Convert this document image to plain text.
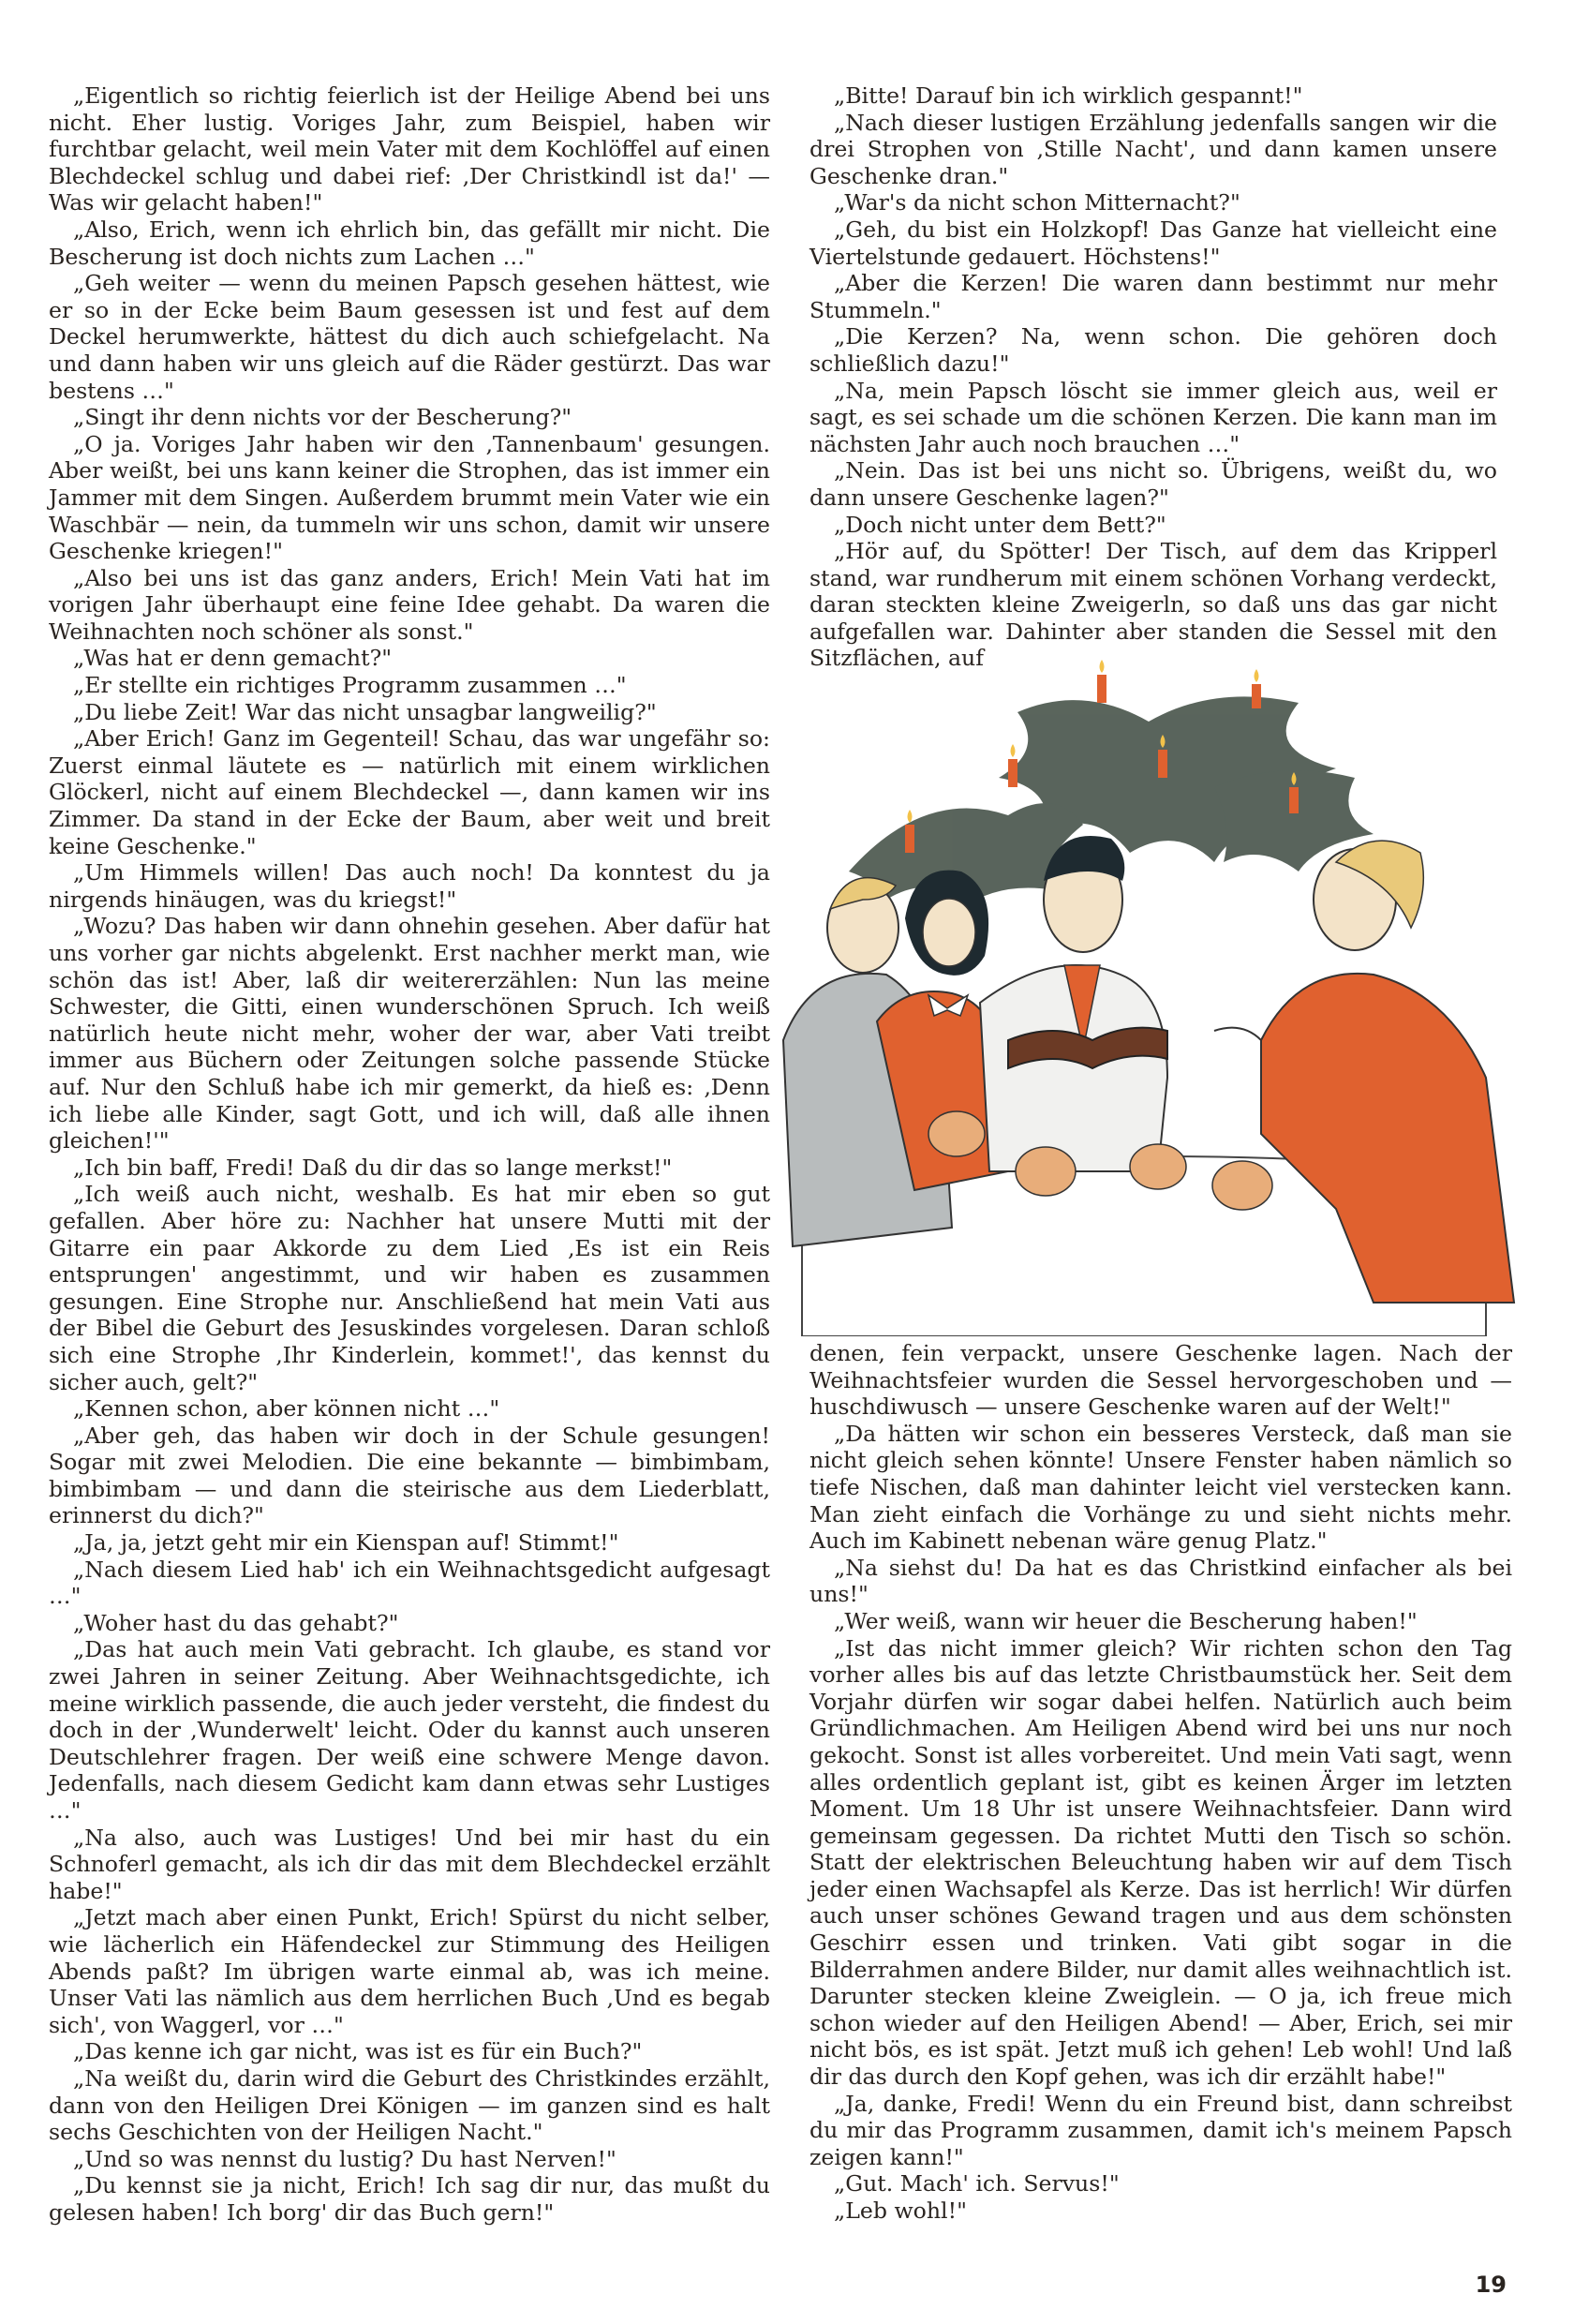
„Eigentlich so richtig feierlich ist der Heilige Abend bei uns nicht. Eher lustig. Voriges Jahr, zum Beispiel, haben wir furchtbar gelacht, weil mein Vater mit dem Kochlöffel auf einen Blechdeckel schlug und dabei rief: ‚Der Christkindl ist da!' — Was wir gelacht haben!"

„Also, Erich, wenn ich ehrlich bin, das gefällt mir nicht. Die Bescherung ist doch nichts zum Lachen …"

„Geh weiter — wenn du meinen Papsch gesehen hättest, wie er so in der Ecke beim Baum gesessen ist und fest auf dem Deckel herumwerkte, hättest du dich auch schiefgelacht. Na und dann haben wir uns gleich auf die Räder gestürzt. Das war bestens …"

„Singt ihr denn nichts vor der Bescherung?"

„O ja. Voriges Jahr haben wir den ‚Tannenbaum' gesungen. Aber weißt, bei uns kann keiner die Strophen, das ist immer ein Jammer mit dem Singen. Außerdem brummt mein Vater wie ein Waschbär — nein, da tummeln wir uns schon, damit wir unsere Geschenke kriegen!"

„Also bei uns ist das ganz anders, Erich! Mein Vati hat im vorigen Jahr überhaupt eine feine Idee gehabt. Da waren die Weihnachten noch schöner als sonst."

„Was hat er denn gemacht?"

„Er stellte ein richtiges Programm zusammen …"

„Du liebe Zeit! War das nicht unsagbar langweilig?"

„Aber Erich! Ganz im Gegenteil! Schau, das war ungefähr so: Zuerst einmal läutete es — natürlich mit einem wirklichen Glöckerl, nicht auf einem Blechdeckel —, dann kamen wir ins Zimmer. Da stand in der Ecke der Baum, aber weit und breit keine Geschenke."

„Um Himmels willen! Das auch noch! Da konntest du ja nirgends hinäugen, was du kriegst!"

„Wozu? Das haben wir dann ohnehin gesehen. Aber dafür hat uns vorher gar nichts abgelenkt. Erst nachher merkt man, wie schön das ist! Aber, laß dir weitererzählen: Nun las meine Schwester, die Gitti, einen wunderschönen Spruch. Ich weiß natürlich heute nicht mehr, woher der war, aber Vati treibt immer aus Büchern oder Zeitungen solche passende Stücke auf. Nur den Schluß habe ich mir gemerkt, da hieß es: ‚Denn ich liebe alle Kinder, sagt Gott, und ich will, daß alle ihnen gleichen!'"

„Ich bin baff, Fredi! Daß du dir das so lange merkst!"

„Ich weiß auch nicht, weshalb. Es hat mir eben so gut gefallen. Aber höre zu: Nachher hat unsere Mutti mit der Gitarre ein paar Akkorde zu dem Lied ‚Es ist ein Reis entsprungen' angestimmt, und wir haben es zusammen gesungen. Eine Strophe nur. Anschließend hat mein Vati aus der Bibel die Geburt des Jesuskindes vorgelesen. Daran schloß sich eine Strophe ‚Ihr Kinderlein, kommet!', das kennst du sicher auch, gelt?"

„Kennen schon, aber können nicht …"

„Aber geh, das haben wir doch in der Schule gesungen! Sogar mit zwei Melodien. Die eine bekannte — bimbimbam, bimbimbam — und dann die steirische aus dem Liederblatt, erinnerst du dich?"

„Ja, ja, jetzt geht mir ein Kienspan auf! Stimmt!"

„Nach diesem Lied hab' ich ein Weihnachtsgedicht aufgesagt …"

„Woher hast du das gehabt?"

„Das hat auch mein Vati gebracht. Ich glaube, es stand vor zwei Jahren in seiner Zeitung. Aber Weihnachtsgedichte, ich meine wirklich passende, die auch jeder versteht, die findest du doch in der ‚Wunderwelt' leicht. Oder du kannst auch unseren Deutschlehrer fragen. Der weiß eine schwere Menge davon. Jedenfalls, nach diesem Gedicht kam dann etwas sehr Lustiges …"

„Na also, auch was Lustiges! Und bei mir hast du ein Schnoferl gemacht, als ich dir das mit dem Blechdeckel erzählt habe!"

„Jetzt mach aber einen Punkt, Erich! Spürst du nicht selber, wie lächerlich ein Häfendeckel zur Stimmung des Heiligen Abends paßt? Im übrigen warte einmal ab, was ich meine. Unser Vati las nämlich aus dem herrlichen Buch ‚Und es begab sich', von Waggerl, vor …"

„Das kenne ich gar nicht, was ist es für ein Buch?"

„Na weißt du, darin wird die Geburt des Christkindes erzählt, dann von den Heiligen Drei Königen — im ganzen sind es halt sechs Geschichten von der Heiligen Nacht."

„Und so was nennst du lustig? Du hast Nerven!"

„Du kennst sie ja nicht, Erich! Ich sag dir nur, das mußt du gelesen haben! Ich borg' dir das Buch gern!"

„Bitte! Darauf bin ich wirklich gespannt!"

„Nach dieser lustigen Erzählung jedenfalls sangen wir die drei Strophen von ‚Stille Nacht', und dann kamen unsere Geschenke dran."

„War's da nicht schon Mitternacht?"

„Geh, du bist ein Holzkopf! Das Ganze hat vielleicht eine Viertelstunde gedauert. Höchstens!"

„Aber die Kerzen! Die waren dann bestimmt nur mehr Stummeln."

„Die Kerzen? Na, wenn schon. Die gehören doch schließlich dazu!"

„Na, mein Papsch löscht sie immer gleich aus, weil er sagt, es sei schade um die schönen Kerzen. Die kann man im nächsten Jahr auch noch brauchen …"

„Nein. Das ist bei uns nicht so. Übrigens, weißt du, wo dann unsere Geschenke lagen?"

„Doch nicht unter dem Bett?"

„Hör auf, du Spötter! Der Tisch, auf dem das Kripperl stand, war rundherum mit einem schönen Vorhang verdeckt, daran steckten kleine Zweigerln, so daß uns das gar nicht aufgefallen war. Dahinter aber standen die Sessel mit den Sitzflächen, auf

denen, fein verpackt, unsere Geschenke lagen. Nach der Weihnachtsfeier wurden die Sessel hervorgeschoben und — huschdiwusch — unsere Geschenke waren auf der Welt!"

„Da hätten wir schon ein besseres Versteck, daß man sie nicht gleich sehen könnte! Unsere Fenster haben nämlich so tiefe Nischen, daß man dahinter leicht viel verstecken kann. Man zieht einfach die Vorhänge zu und sieht nichts mehr. Auch im Kabinett nebenan wäre genug Platz."

„Na siehst du! Da hat es das Christkind einfacher als bei uns!"

„Wer weiß, wann wir heuer die Bescherung haben!"

„Ist das nicht immer gleich? Wir richten schon den Tag vorher alles bis auf das letzte Christbaumstück her. Seit dem Vorjahr dürfen wir sogar dabei helfen. Natürlich auch beim Gründlichmachen. Am Heiligen Abend wird bei uns nur noch gekocht. Sonst ist alles vorbereitet. Und mein Vati sagt, wenn alles ordentlich geplant ist, gibt es keinen Ärger im letzten Moment. Um 18 Uhr ist unsere Weihnachtsfeier. Dann wird gemeinsam gegessen. Da richtet Mutti den Tisch so schön. Statt der elektrischen Beleuchtung haben wir auf dem Tisch jeder einen Wachsapfel als Kerze. Das ist herrlich! Wir dürfen auch unser schönes Gewand tragen und aus dem schönsten Geschirr essen und trinken. Vati gibt sogar in die Bilderrahmen andere Bilder, nur damit alles weihnachtlich ist. Darunter stecken kleine Zweiglein. — O ja, ich freue mich schon wieder auf den Heiligen Abend! — Aber, Erich, sei mir nicht bös, es ist spät. Jetzt muß ich gehen! Leb wohl! Und laß dir das durch den Kopf gehen, was ich dir erzählt habe!"

„Ja, danke, Fredi! Wenn du ein Freund bist, dann schreibst du mir das Programm zusammen, damit ich's meinem Papsch zeigen kann!"

„Gut. Mach' ich. Servus!"

„Leb wohl!"

19
